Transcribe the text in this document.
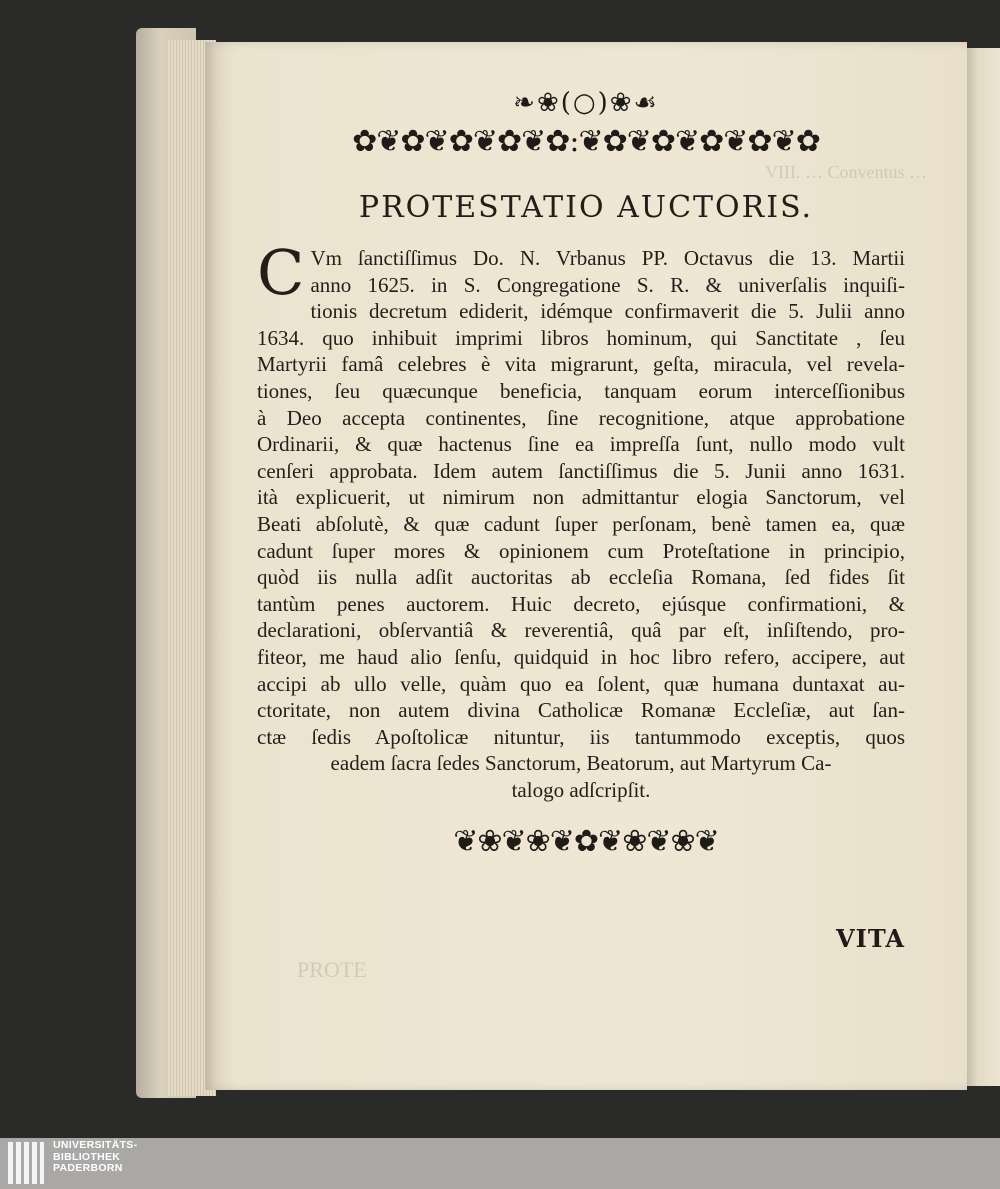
VIII. … Conventus …
PROTE
❧❀(○)❀☙
✿❦✿❦✿❦✿❦✿:❦✿❦✿❦✿❦✿❦✿
PROTESTATIO AUCTORIS.
C Vm ſanctiſſimus Do. N. Vrbanus PP. Octavus die 13. Martii
anno 1625. in S. Congregatione S. R. & univerſalis inquiſi-
tionis decretum ediderit, idémque confirmaverit die 5. Julii anno
1634. quo inhibuit imprimi libros hominum, qui Sanctitate , ſeu
Martyrii famâ celebres è vita migrarunt, geſta, miracula, vel revela-
tiones, ſeu quæcunque beneficia, tanquam eorum interceſſionibus
à Deo accepta continentes, ſine recognitione, atque approbatione
Ordinarii, & quæ hactenus ſine ea impreſſa ſunt, nullo modo vult
cenſeri approbata. Idem autem ſanctiſſimus die 5. Junii anno 1631.
ità explicuerit, ut nimirum non admittantur elogia Sanctorum, vel
Beati abſolutè, & quæ cadunt ſuper perſonam, benè tamen ea, quæ
cadunt ſuper mores & opinionem cum Proteſtatione in principio,
quòd iis nulla adſit auctoritas ab eccleſia Romana, ſed fides ſit
tantùm penes auctorem. Huic decreto, ejúsque confirmationi, &
declarationi, obſervantiâ & reverentiâ, quâ par eſt, inſiſtendo, pro-
fiteor, me haud alio ſenſu, quidquid in hoc libro refero, accipere, aut
accipi ab ullo velle, quàm quo ea ſolent, quæ humana duntaxat au-
ctoritate, non autem divina Catholicæ Romanæ Eccleſiæ, aut ſan-
ctæ ſedis Apoſtolicæ nituntur, iis tantummodo exceptis, quos
eadem ſacra ſedes Sanctorum, Beatorum, aut Martyrum Ca-
talogo adſcripſit.
❦❀❦❀❦✿❦❀❦❀❦
VITA
UNIVERSITÄTS-
BIBLIOTHEK
PADERBORN
